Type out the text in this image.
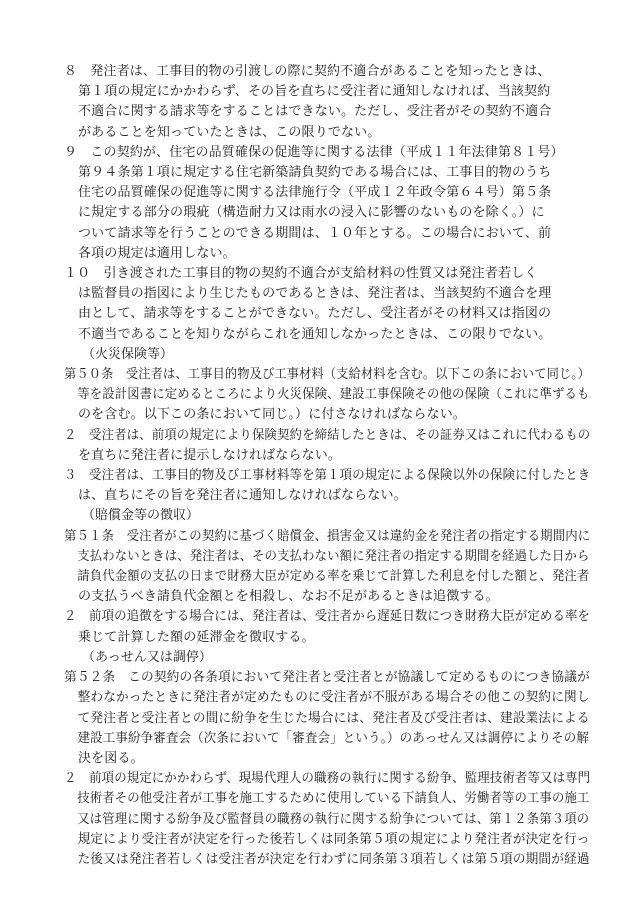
８　発注者は、工事目的物の引渡しの際に契約不適合があることを知ったときは、
第１項の規定にかかわらず、その旨を直ちに受注者に通知しなければ、当該契約
不適合に関する請求等をすることはできない。ただし、受注者がその契約不適合
があることを知っていたときは、この限りでない。
９　この契約が、住宅の品質確保の促進等に関する法律（平成１１年法律第８１号）
第９４条第１項に規定する住宅新築請負契約である場合には、工事目的物のうち
住宅の品質確保の促進等に関する法律施行令（平成１２年政令第６４号）第５条
に規定する部分の瑕疵（構造耐力又は雨水の浸入に影響のないものを除く。）に
ついて請求等を行うことのできる期間は、１０年とする。この場合において、前
各項の規定は適用しない。
１０　引き渡された工事目的物の契約不適合が支給材料の性質又は発注者若しく
は監督員の指図により生じたものであるときは、発注者は、当該契約不適合を理
由として、請求等をすることができない。ただし、受注者がその材料又は指図の
不適当であることを知りながらこれを通知しなかったときは、この限りでない。
（火災保険等）
第５０条　受注者は、工事目的物及び工事材料（支給材料を含む。以下この条において同じ。）
等を設計図書に定めるところにより火災保険、建設工事保険その他の保険（これに準ずるも
のを含む。以下この条において同じ。）に付さなければならない。
２　受注者は、前項の規定により保険契約を締結したときは、その証券又はこれに代わるもの
を直ちに発注者に提示しなければならない。
３　受注者は、工事目的物及び工事材料等を第１項の規定による保険以外の保険に付したとき
は、直ちにその旨を発注者に通知しなければならない。
（賠償金等の徴収）
第５１条　受注者がこの契約に基づく賠償金、損害金又は違約金を発注者の指定する期間内に
支払わないときは、発注者は、その支払わない額に発注者の指定する期間を経過した日から
請負代金額の支払の日まで財務大臣が定める率を乗じて計算した利息を付した額と、発注者
の支払うべき請負代金額とを相殺し、なお不足があるときは追徴する。
２　前項の追徴をする場合には、発注者は、受注者から遅延日数につき財務大臣が定める率を
乗じて計算した額の延滞金を徴収する。
（あっせん又は調停）
第５２条　この契約の各条項において発注者と受注者とが協議して定めるものにつき協議が
整わなかったときに発注者が定めたものに受注者が不服がある場合その他この契約に関し
て発注者と受注者との間に紛争を生じた場合には、発注者及び受注者は、建設業法による
建設工事紛争審査会（次条において「審査会」という。）のあっせん又は調停によりその解
決を図る。
２　前項の規定にかかわらず、現場代理人の職務の執行に関する紛争、監理技術者等又は専門
技術者その他受注者が工事を施工するために使用している下請負人、労働者等の工事の施工
又は管理に関する紛争及び監督員の職務の執行に関する紛争については、第１２条第３項の
規定により受注者が決定を行った後若しくは同条第５項の規定により発注者が決定を行っ
た後又は発注者若しくは受注者が決定を行わずに同条第３項若しくは第５項の期間が経過
